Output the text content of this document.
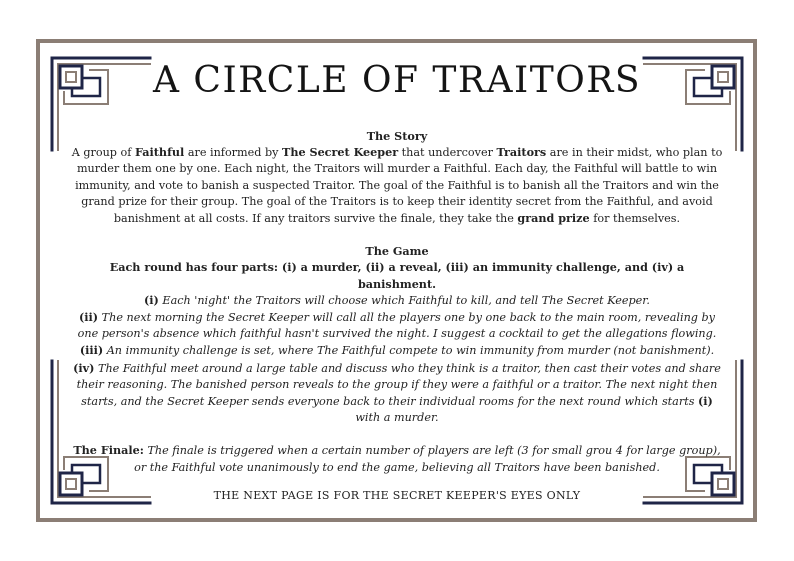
A CIRCLE OF TRAITORS

The Story

A group of Faithful are informed by The Secret Keeper that undercover Traitors are in their midst, who plan to murder them one by one. Each night, the Traitors will murder a Faithful. Each day, the Faithful will battle to win immunity, and vote to banish a suspected Traitor. The goal of the Faithful is to banish all the Traitors and win the grand prize for their group. The goal of the Traitors is to keep their identity secret from the Faithful, and avoid banishment at all costs. If any traitors survive the finale, they take the grand prize for themselves.

The Game

Each round has four parts: (i) a murder, (ii) a reveal, (iii) an immunity challenge, and (iv) a banishment.

(i) Each 'night' the Traitors will choose which Faithful to kill, and tell The Secret Keeper.

(ii) The next morning the Secret Keeper will call all the players one by one back to the main room, revealing by one person's absence which faithful hasn't survived the night. I suggest a cocktail to get the allegations flowing.

(iii) An immunity challenge is set, where The Faithful compete to win immunity from murder (not banishment).

(iv) The Faithful meet around a large table and discuss who they think is a traitor, then cast their votes and share their reasoning. The banished person reveals to the group if they were a faithful or a traitor. The next night then starts, and the Secret Keeper sends everyone back to their individual rooms for the next round which starts (i) with a murder.

The Finale: The finale is triggered when a certain number of players are left (3 for small grou 4 for large group), or the Faithful vote unanimously to end the game, believing all Traitors have been banished.

THE NEXT PAGE IS FOR THE SECRET KEEPER'S EYES ONLY
